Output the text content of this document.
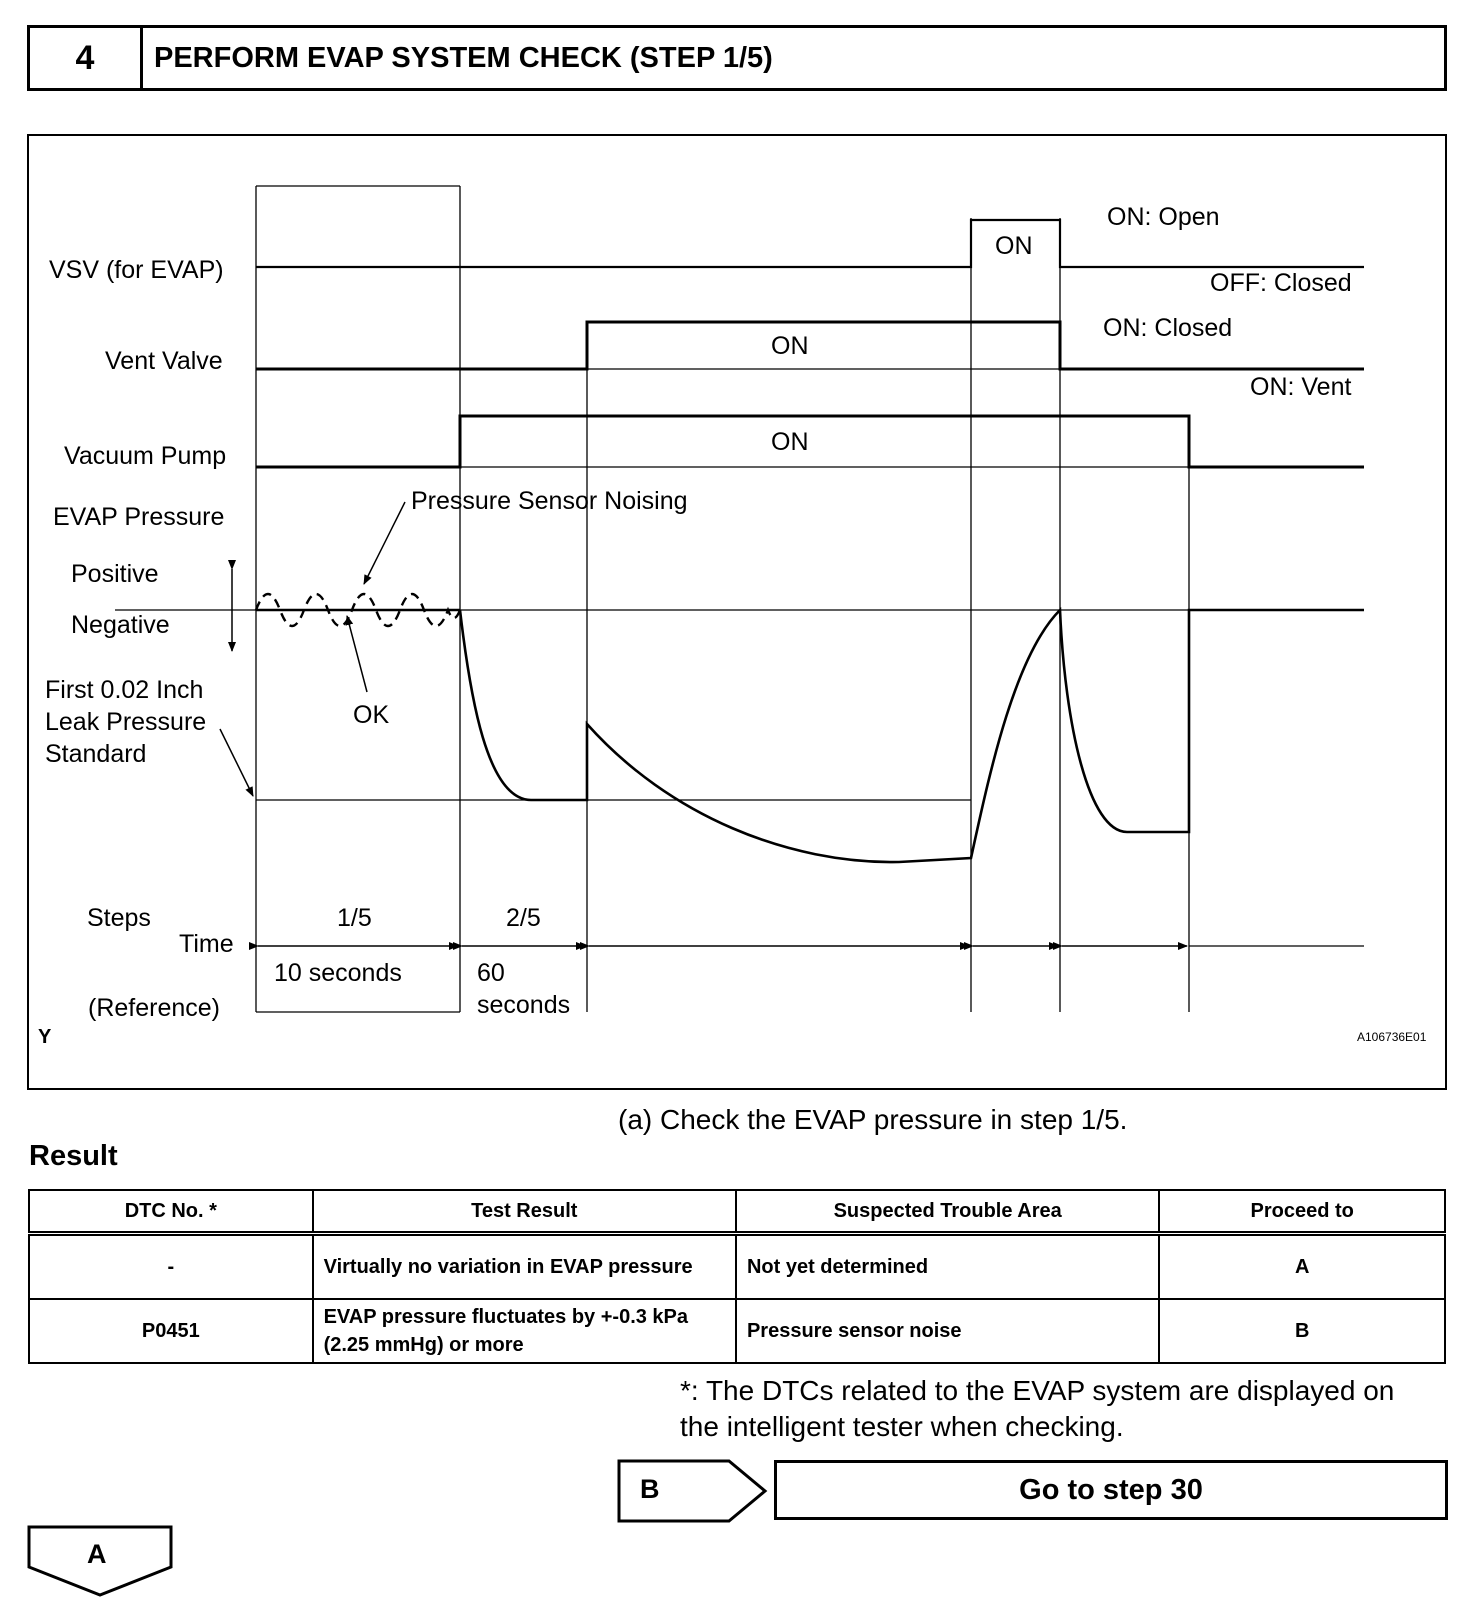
4	PERFORM EVAP SYSTEM CHECK (STEP 1/5)
VSV (for EVAP)
Vent Valve
Vacuum Pump
EVAP Pressure
Positive
Negative
First 0.02 Inch
Leak Pressure
Standard
Steps
Time
(Reference)
ON
ON
ON
ON: Open
OFF: Closed
ON: Closed
ON: Vent
Pressure Sensor Noising
OK
1/5	2/5
10 seconds	60
seconds
Y	A106736E01
(a) Check the EVAP pressure in step 1/5.
Result
DTC No. *	Test Result	Suspected Trouble Area	Proceed to
-	Virtually no variation in EVAP pressure	Not yet determined	A
P0451	EVAP pressure fluctuates by +-0.3 kPa (2.25 mmHg) or more	Pressure sensor noise	B
*: The DTCs related to the EVAP system are displayed on the intelligent tester when checking.
B	Go to step 30
A
